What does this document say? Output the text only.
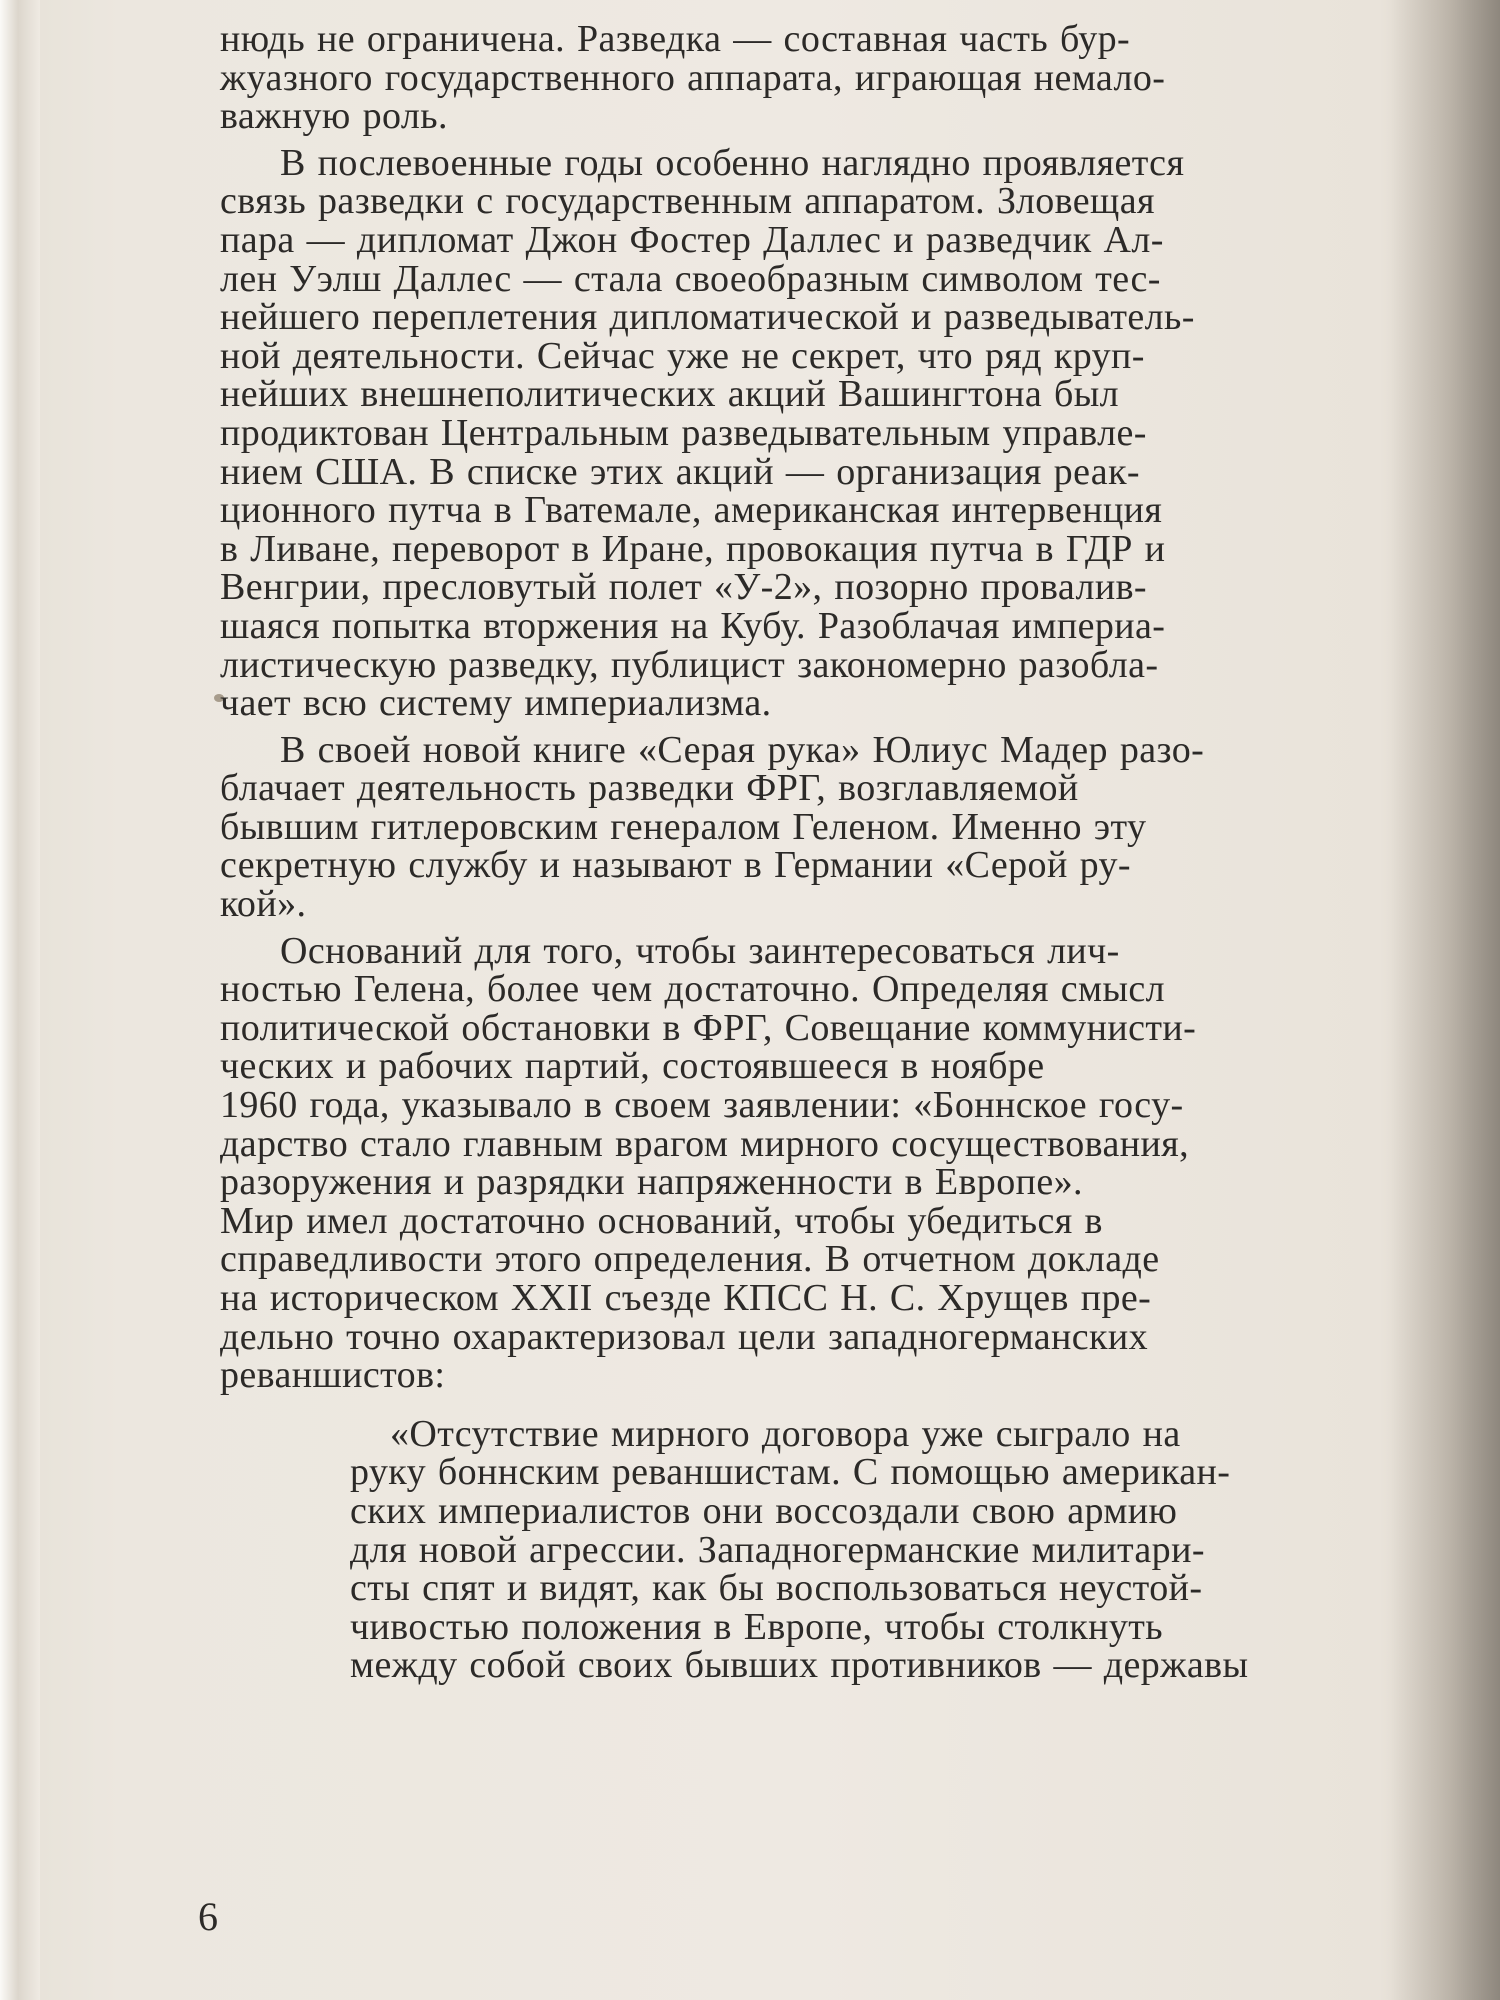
нюдь не ограничена. Разведка — составная часть бур-
жуазного государственного аппарата, играющая немало-
важную роль.

В послевоенные годы особенно наглядно проявляется
связь разведки с государственным аппаратом. Зловещая
пара — дипломат Джон Фостер Даллес и разведчик Ал-
лен Уэлш Даллес — стала своеобразным символом тес-
нейшего переплетения дипломатической и разведыватель-
ной деятельности. Сейчас уже не секрет, что ряд круп-
нейших внешнеполитических акций Вашингтона был
продиктован Центральным разведывательным управле-
нием США. В списке этих акций — организация реак-
ционного путча в Гватемале, американская интервенция
в Ливане, переворот в Иране, провокация путча в ГДР и
Венгрии, пресловутый полет «У-2», позорно провалив-
шаяся попытка вторжения на Кубу. Разоблачая империа-
листическую разведку, публицист закономерно разобла-
чает всю систему империализма.

В своей новой книге «Серая рука» Юлиус Мадер разо-
блачает деятельность разведки ФРГ, возглавляемой
бывшим гитлеровским генералом Геленом. Именно эту
секретную службу и называют в Германии «Серой ру-
кой».

Оснований для того, чтобы заинтересоваться лич-
ностью Гелена, более чем достаточно. Определяя смысл
политической обстановки в ФРГ, Совещание коммунисти-
ческих и рабочих партий, состоявшееся в ноябре
1960 года, указывало в своем заявлении: «Боннское госу-
дарство стало главным врагом мирного сосуществования,
разоружения и разрядки напряженности в Европе».
Мир имел достаточно оснований, чтобы убедиться в
справедливости этого определения. В отчетном докладе
на историческом XXII съезде КПСС Н. С. Хрущев пре-
дельно точно охарактеризовал цели западногерманских
реваншистов:

«Отсутствие мирного договора уже сыграло на
руку боннским реваншистам. С помощью американ-
ских империалистов они воссоздали свою армию
для новой агрессии. Западногерманские милитари-
сты спят и видят, как бы воспользоваться неустой-
чивостью положения в Европе, чтобы столкнуть
между собой своих бывших противников — державы

6
